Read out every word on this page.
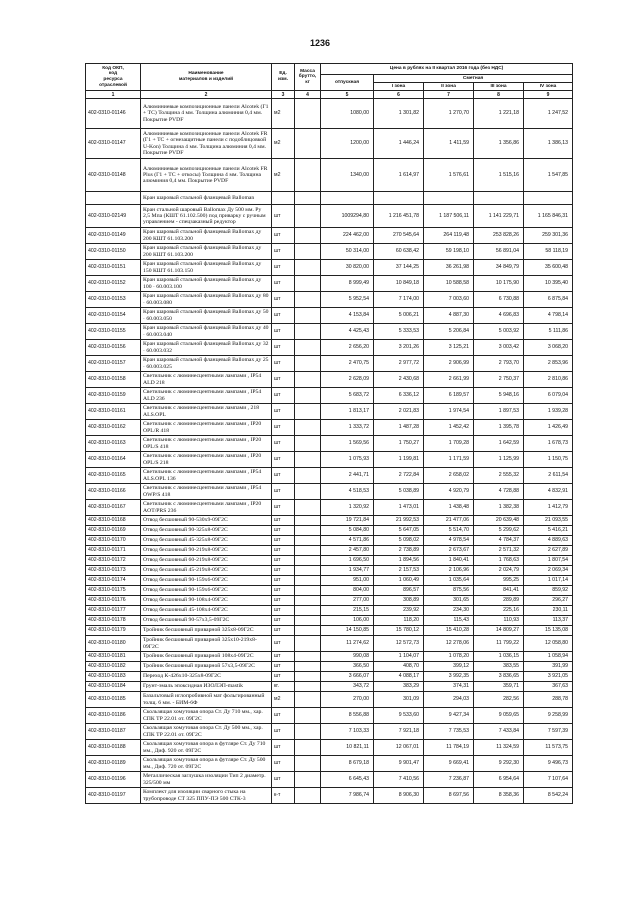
1236
Код ОКП,
код
ресурса
отраслевой	Наименование
материалов и изделий	Ед.
изм.	Масса
брутто,
кг	Цена в рублях на II квартал 2016 года (без НДС)				
				отпускная	Сметная			
					I зона	II зона	III зона	IV зона
1	2	3	4	5	6	7	8	9
402-0310-01146	Алюминиевые композиционные панели Alcotek (Г1 + ТС) Толщина 4 мм. Толщина алюминия 0,4 мм. Покрытие PVDF	м2		1080,00	1 301,82	1 270,70	1 221,18	1 247,52
402-0310-01147	Алюминиевые композиционные панели Alcotek FR (Г1 + ТС + огнезащитные панели с подоблицовкой U-Kon) Толщина 4 мм. Толщина алюминия 0,4 мм. Покрытие PVDF	м2		1200,00	1 446,24	1 411,59	1 356,86	1 386,13
402-0310-01148	Алюминиевые композиционные панели Alcotek FR Plus (Г1 + ТС + откосы) Толщина 4 мм. Толщина алюминия 0,4 мм. Покрытие PVDF	м2		1340,00	1 614,97	1 576,61	1 515,16	1 547,85
	Кран шаровый стальной фланцевый Balloman							
402-0310-02149	Кран стальной шаровый Ballomax Ду 500 мм. Ру 2,5 Мпа (КШТ 61.102.500) под приварку с ручным управлением - спецзаказный редуктор	шт		1009294,80	1 216 451,78	1 187 506,11	1 141 229,71	1 165 846,31
402-0310-01149	Кран шаровый стальной фланцевый Ballomax ду 200 КШТ 61.103.200	шт		224 462,00	270 545,64	264 119,48	253 828,26	259 301,36
402-0310-01150	Кран шаровый стальной фланцевый Ballomax ду 200 КШТ 61.103.200	шт		50 314,00	60 638,42	59 198,10	56 891,04	58 118,19
402-0310-01151	Кран шаровый стальной фланцевый Ballomax ду 150 КШТ 61.103.150	шт		30 820,00	37 144,25	36 261,98	34 849,79	35 600,48
402-0310-01152	Кран шаровый стальной фланцевый Ballomax ду 100 · 60.003.100	шт		8 999,49	10 849,18	10 588,58	10 175,90	10 395,40
402-0310-01153	Кран шаровый стальной фланцевый Ballomax ду 80 · 60.003.080	шт		5 952,54	7 174,00	7 003,60	6 730,88	6 875,84
402-0310-01154	Кран шаровый стальной фланцевый Ballomax ду 50 · 60.003.050	шт		4 153,84	5 006,21	4 887,30	4 696,83	4 798,14
402-0310-01155	Кран шаровый стальной фланцевый Ballomax ду 40 · 60.003.040	шт		4 425,43	5 333,53	5 206,84	5 003,92	5 111,86
402-0310-01156	Кран шаровый стальной фланцевый Ballomax ду 32 · 60.003.032	шт		2 656,20	3 201,26	3 125,21	3 003,42	3 068,20
402-0310-01157	Кран шаровый стальной фланцевый Ballomax ду 25 · 60.003.025	шт		2 470,75	2 977,72	2 906,99	2 793,70	2 853,96
402-8310-01158	Светильник с люминесцентными лампами , IP54 ALD 218	шт		2 628,09	2 430,68	2 661,99	2 750,37	2 810,86
402-8310-01159	Светильник с люминесцентными лампами , IP54 ALD 236	шт		5 683,72	6 336,12	6 189,57	5 948,16	6 079,04
402-8310-01161	Светильник с люминесцентными лампами , 218 ALS.OPL	шт		1 813,17	2 021,83	1 974,54	1 897,53	1 939,28
402-8310-01162	Светильник с люминесцентными лампами , IP20 OPL/R 418	шт		1 333,72	1 487,28	1 452,42	1 395,78	1 426,49
402-8310-01163	Светильник с люминесцентными лампами , IP20 OPL/S 418	шт		1 569,56	1 750,27	1 709,28	1 642,59	1 678,73
402-8310-01164	Светильник с люминесцентными лампами , IP20 OPL/S 218	шт		1 075,93	1 199,81	1 171,59	1 125,99	1 150,75
402-8310-01165	Светильник с люминесцентными лампами , IP54 ALS.OPL 136	шт		2 441,71	2 722,84	2 658,02	2 555,32	2 611,54
402-8310-01166	Светильник с люминесцентными лампами , IP54 OWP/S 418	шт		4 518,53	5 038,89	4 920,79	4 728,88	4 832,91
402-8310-01167	Светильник с люминесцентными лампами , IP20 AOT/PRS 236	шт		1 320,92	1 473,01	1 438,48	1 382,38	1 412,79
402-8310-01168	Отвод бесшовный 90-530х9-09Г2С	шт		19 721,84	21 992,53	21 477,06	20 639,48	21 093,55
402-8310-01169	Отвод бесшовный 90-325х8-09Г2С	шт		5 084,80	5 647,05	5 514,70	5 299,62	5 416,21
402-8310-01170	Отвод бесшовный 45-325х8-09Г2С	шт		4 571,86	5 098,02	4 978,54	4 784,37	4 889,63
402-8310-01171	Отвод бесшовный 90-219х8-09Г2С	шт		2 457,80	2 738,89	2 673,67	2 571,32	2 627,89
402-8310-01172	Отвод бесшовный 60-219х8-09Г2С	шт		1 696,50	1 894,56	1 840,41	1 768,63	1 807,54
402-8310-01173	Отвод бесшовный 45-219х8-09Г2С	шт		1 934,77	2 157,53	2 106,96	2 024,79	2 069,34
402-8310-01174	Отвод бесшовный 90-159х6-09Г2С	шт		951,00	1 060,49	1 035,64	995,25	1 017,14
402-8310-01175	Отвод бесшовный 90-159х6-09Г2С	шт		804,00	896,57	875,56	841,41	859,92
402-8310-01176	Отвод бесшовный 90-108х4-09Г2С	шт		277,00	308,89	301,65	289,89	296,27
402-8310-01177	Отвод бесшовный 45-108х4-09Г2С	шт		215,15	239,92	234,30	225,16	230,11
402-8310-01178	Отвод бесшовный 90-57х3,5-09Г2С	шт		106,00	118,20	115,43	110,93	113,37
402-8310-01179	Тройник бесшовный приварной 325х8-09Г2С	шт		14 150,85	15 780,12	15 410,28	14 809,27	15 135,08
402-8310-01180	Тройник бесшовный приварной 325х10-219х8-09Г2С	шт		11 274,62	12 572,73	12 278,06	11 799,22	12 058,80
402-8310-01181	Тройник бесшовный приварной 108х4-09Г2С	шт		990,08	1 104,07	1 078,20	1 036,15	1 058,94
402-8310-01182	Тройник бесшовный приварной 57х3,5-09Г2С	шт		366,50	408,70	399,12	383,55	391,99
402-8310-01183	Переход К-426х10-325х8-09Г2С	шт		3 666,07	4 088,17	3 992,35	3 836,65	3 921,05
402-8310-01184	Грунт-эмаль эпоксидная ИЗОЛЭП-mastik	кг.		343,72	383,29	374,31	359,71	367,63
402-8310-01185	Базальтовый иглопробивной мат фольгированный толщ. 6 мм. - БИМ-6Ф	м2		270,00	301,09	294,03	282,56	288,78
402-8310-01186	Скользящая хомутовая опора Ст. Ду 710 мм., хар. СПК ТР 22.01 от. 09Г2С	шт		8 556,88	9 533,60	9 427,34	9 059,65	9 258,99
402-8310-01187	Скользящая хомутовая опора Ст. Ду 500 мм., хар. СПК ТР 22.01 от. 09Г2С	шт		7 103,33	7 921,18	7 735,53	7 433,84	7 597,39
402-8310-01188	Скользящая хомутовая опора в футляре Ст. Ду 710 мм., Диф. 920 от. 09Г2С	шт		10 821,11	12 067,01	11 784,19	11 324,59	11 573,75
402-8310-01189	Скользящая хомутовая опора в футляре Ст. Ду 500 мм., Диф. 720 от. 09Г2С	шт		8 679,18	9 901,47	9 669,41	9 292,30	9 496,73
402-8310-01196	Металлическая заглушка изоляции Тип 2 диаметр. 325/500 мм	шт		6 645,43	7 410,56	7 236,87	6 954,64	7 107,64
402-8310-01197	Комплект для изоляции сварного стыка на трубопроводе СТ 325 ППУ-ПЭ 500 СТК-3	к-т		7 986,74	8 906,30	8 697,56	8 358,36	8 542,24
